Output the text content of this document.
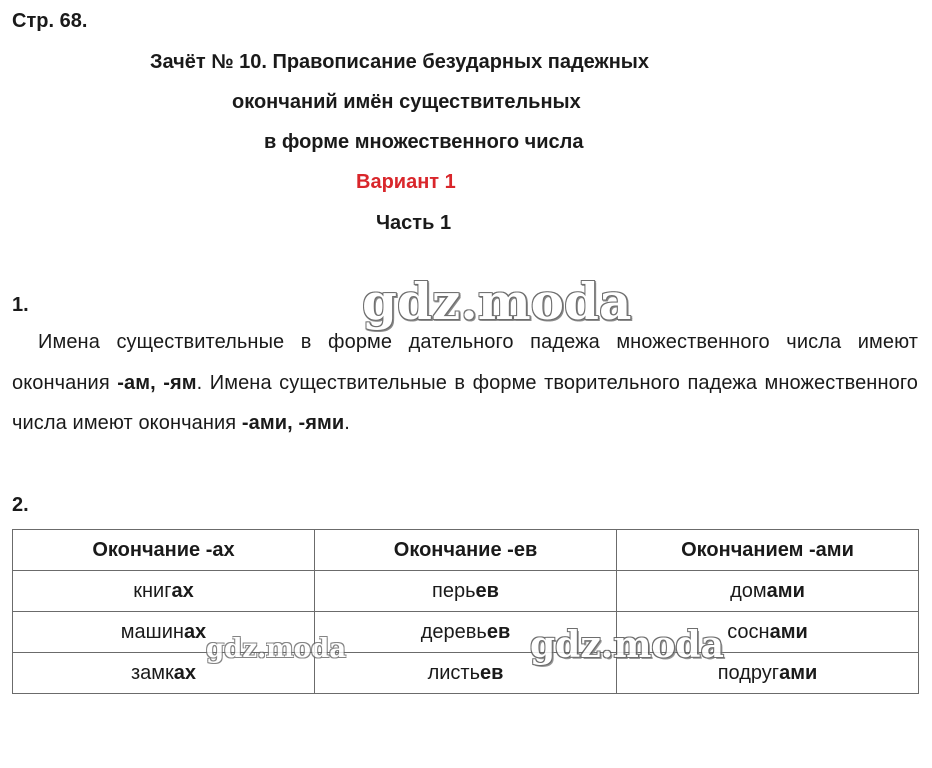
Стр. 68.
Зачёт № 10. Правописание безударных падежных
окончаний имён существительных
в форме множественного числа
Вариант 1
Часть 1
1.
Имена существительные в форме дательного падежа множественного числа имеют окончания -ам, -ям. Имена существительные в форме творительного падежа множественного числа имеют окончания -ами, -ями.
2.
Окончание -ах	Окончание -ев	Окончанием -ами
книгах	перьев	домами
машинах	деревьев	соснами
замках	листьев	подругами
gdz.moda
gdz.moda	gdz.moda
